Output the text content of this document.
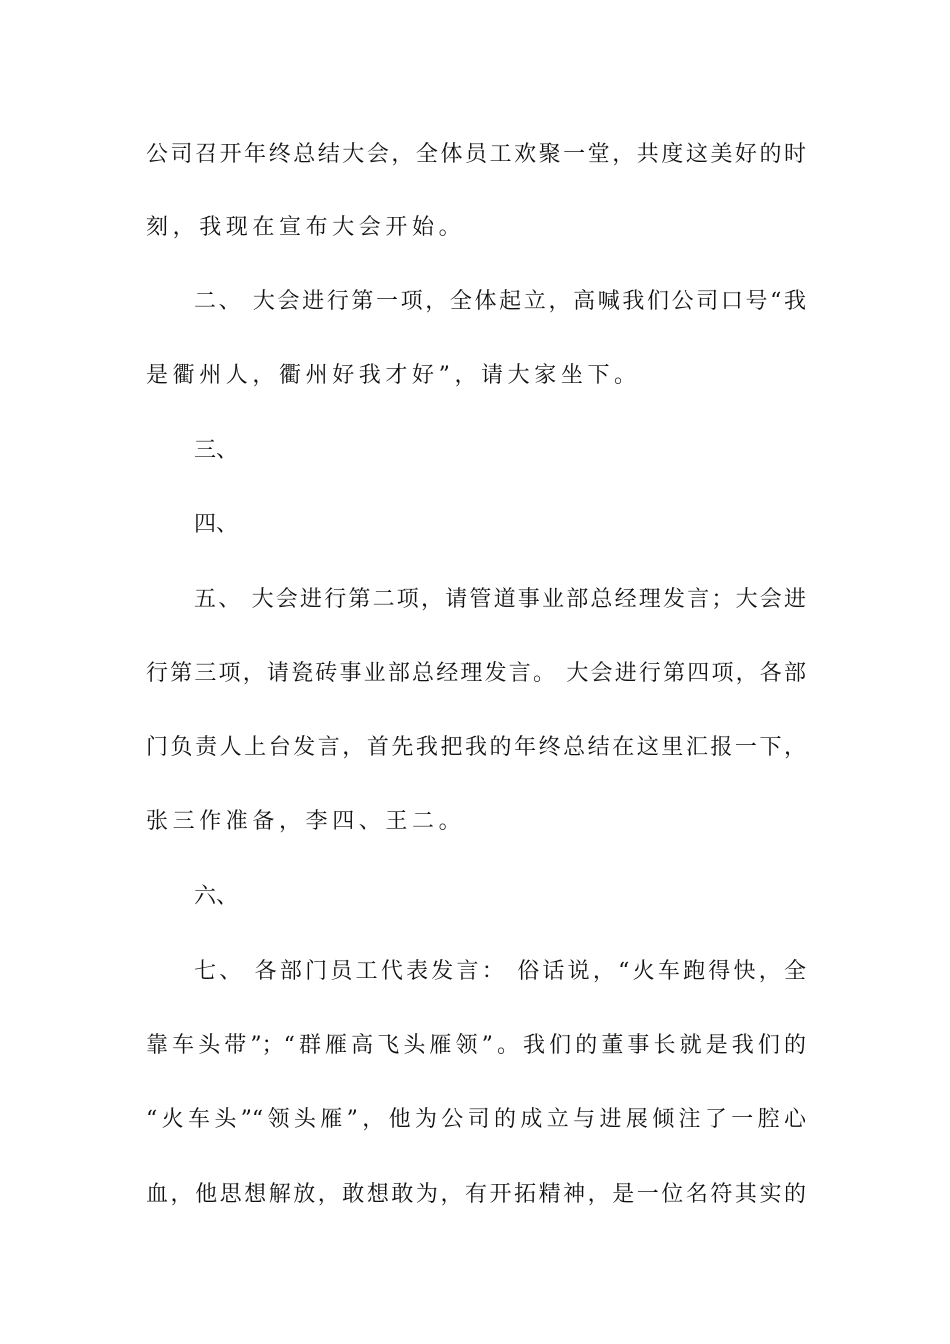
公司召开年终总结大会，全体员工欢聚一堂，共度这美好的时
刻，我现在宣布大会开始。
二、 大会进行第一项，全体起立，高喊我们公司口号“我
是衢州人，衢州好我才好”，请大家坐下。
三、
四、
五、 大会进行第二项，请管道事业部总经理发言；大会进
行第三项，请瓷砖事业部总经理发言。 大会进行第四项，各部
门负责人上台发言，首先我把我的年终总结在这里汇报一下，
张三作准备，李四、王二。
六、
七、 各部门员工代表发言： 俗话说，“火车跑得快，全
靠车头带”；“群雁高飞头雁领”。我们的董事长就是我们的
“火车头”“领头雁”，他为公司的成立与进展倾注了一腔心
血，他思想解放，敢想敢为，有开拓精神，是一位名符其实的
